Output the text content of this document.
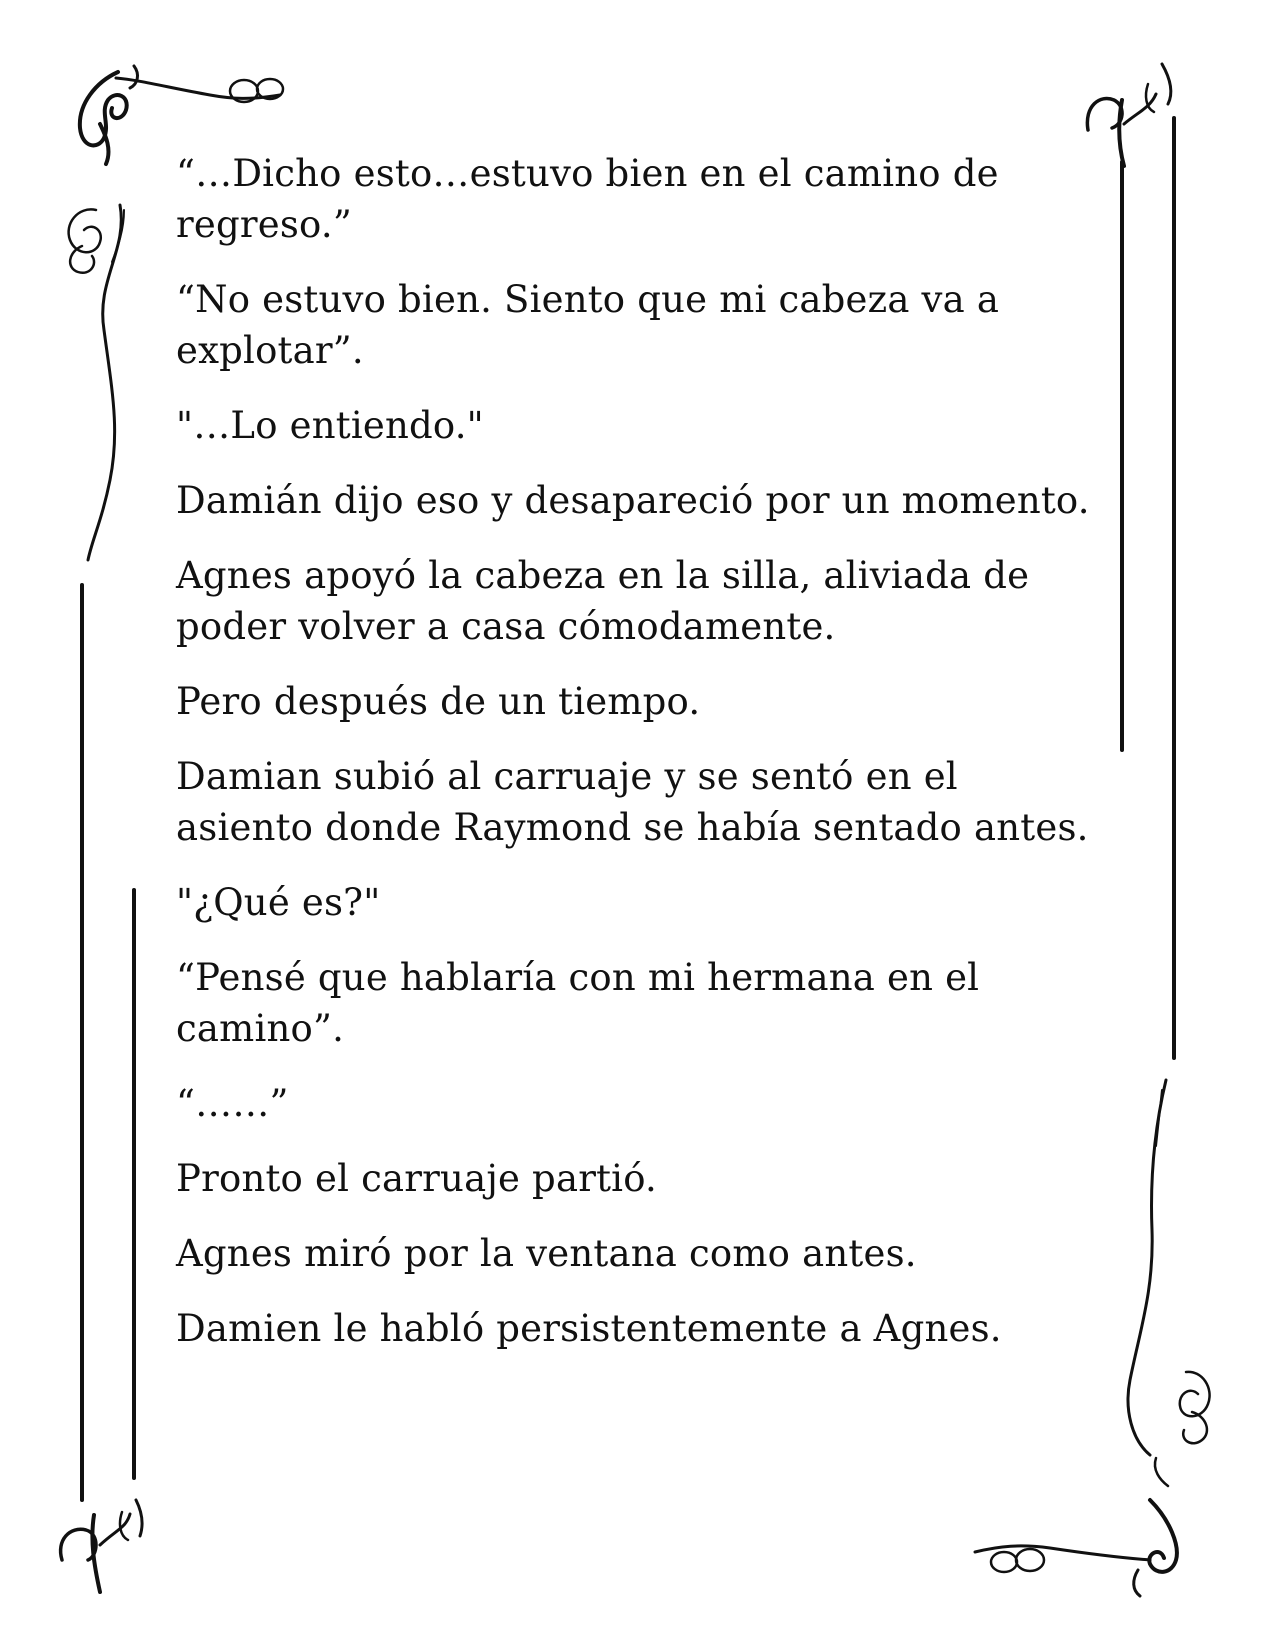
“…Dicho esto…estuvo bien en el camino de regreso.”

“No estuvo bien. Siento que mi cabeza va a explotar”.

"…Lo entiendo."

Damián dijo eso y desapareció por un momento.

Agnes apoyó la cabeza en la silla, aliviada de poder volver a casa cómodamente.

Pero después de un tiempo.

Damian subió al carruaje y se sentó en el asiento donde Raymond se había sentado antes.

"¿Qué es?"

“Pensé que hablaría con mi hermana en el camino”.

“……”

Pronto el carruaje partió.

Agnes miró por la ventana como antes.

Damien le habló persistentemente a Agnes.
